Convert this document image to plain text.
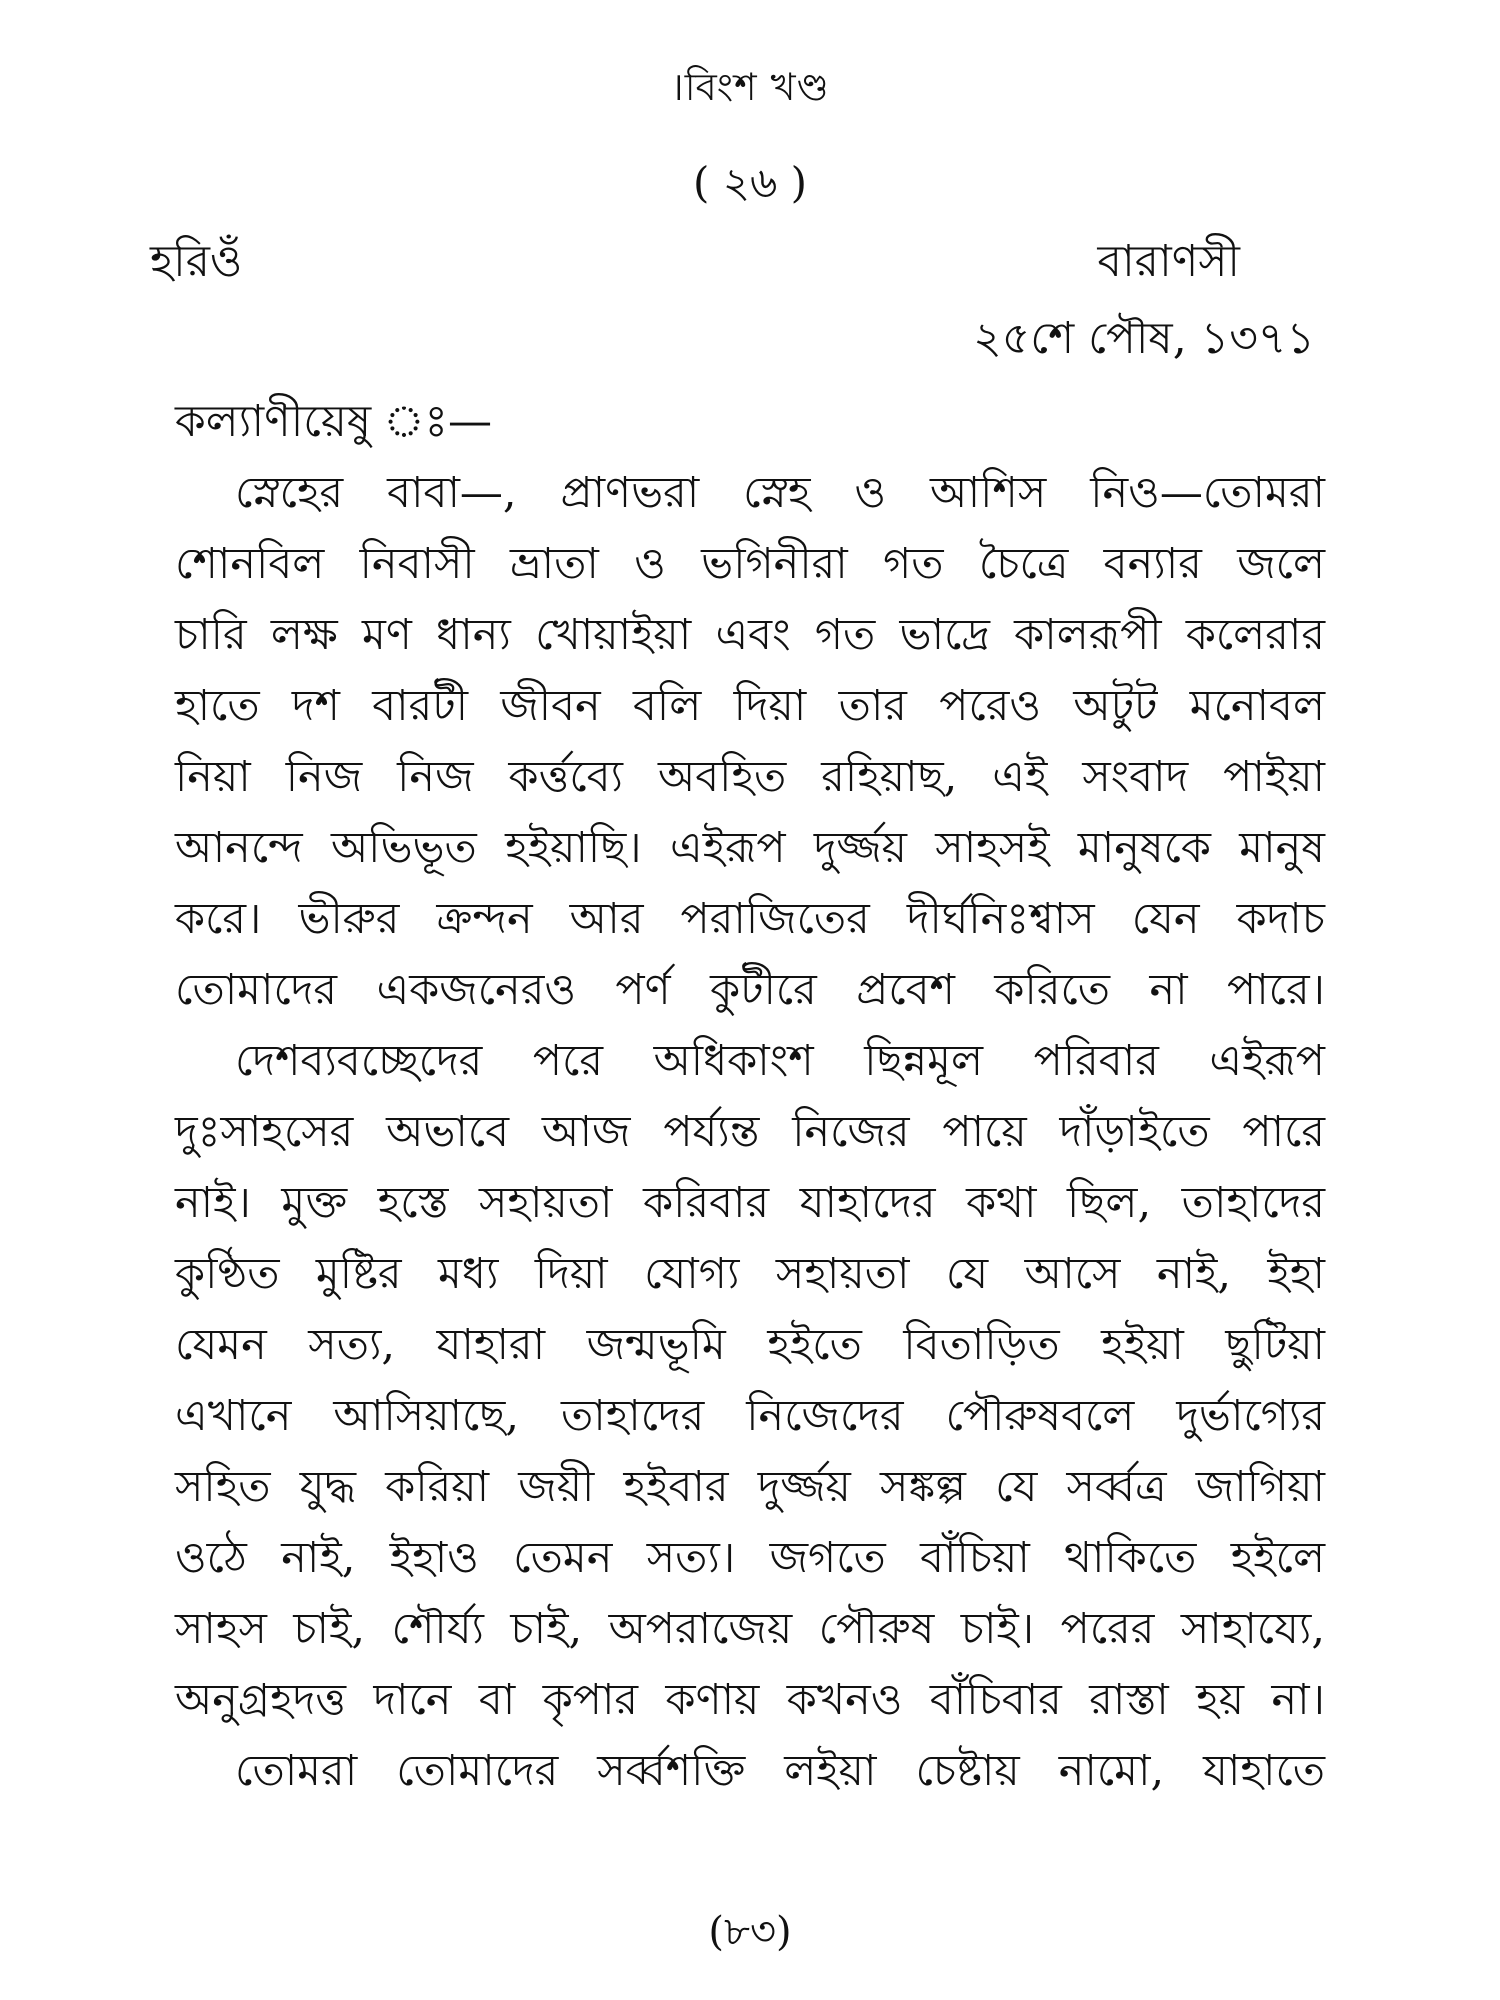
।বিংশ খণ্ড
( ২৬ )
হরিওঁ	বারাণসী
২৫শে পৌষ, ১৩৭১
কল্যাণীয়েষু ঃ—

স্নেহের বাবা—, প্রাণভরা স্নেহ ও আশিস নিও—তোমরা
শোনবিল নিবাসী ভ্রাতা ও ভগিনীরা গত চৈত্রে বন্যার জলে
চারি লক্ষ মণ ধান্য খোয়াইয়া এবং গত ভাদ্রে কালরূপী কলেরার
হাতে দশ বারটী জীবন বলি দিয়া তার পরেও অটুট মনোবল
নিয়া নিজ নিজ কর্ত্তব্যে অবহিত রহিয়াছ, এই সংবাদ পাইয়া
আনন্দে অভিভূত হইয়াছি। এইরূপ দুর্জ্জয় সাহসই মানুষকে মানুষ
করে। ভীরুর ক্রন্দন আর পরাজিতের দীর্ঘনিঃশ্বাস যেন কদাচ
তোমাদের একজনেরও পর্ণ কুটীরে প্রবেশ করিতে না পারে।

দেশব্যবচ্ছেদের পরে অধিকাংশ ছিন্নমূল পরিবার এইরূপ
দুঃসাহসের অভাবে আজ পর্য্যন্ত নিজের পায়ে দাঁড়াইতে পারে
নাই। মুক্ত হস্তে সহায়তা করিবার যাহাদের কথা ছিল, তাহাদের
কুণ্ঠিত মুষ্টির মধ্য দিয়া যোগ্য সহায়তা যে আসে নাই, ইহা
যেমন সত্য, যাহারা জন্মভূমি হইতে বিতাড়িত হইয়া ছুটিয়া
এখানে আসিয়াছে, তাহাদের নিজেদের পৌরুষবলে দুর্ভাগ্যের
সহিত যুদ্ধ করিয়া জয়ী হইবার দুর্জ্জয় সঙ্কল্প যে সর্ব্বত্র জাগিয়া
ওঠে নাই, ইহাও তেমন সত্য। জগতে বাঁচিয়া থাকিতে হইলে
সাহস চাই, শৌর্য্য চাই, অপরাজেয় পৌরুষ চাই। পরের সাহায্যে,
অনুগ্রহদত্ত দানে বা কৃপার কণায় কখনও বাঁচিবার রাস্তা হয় না।

তোমরা তোমাদের সর্ব্বশক্তি লইয়া চেষ্টায় নামো, যাহাতে

(৮৩)
